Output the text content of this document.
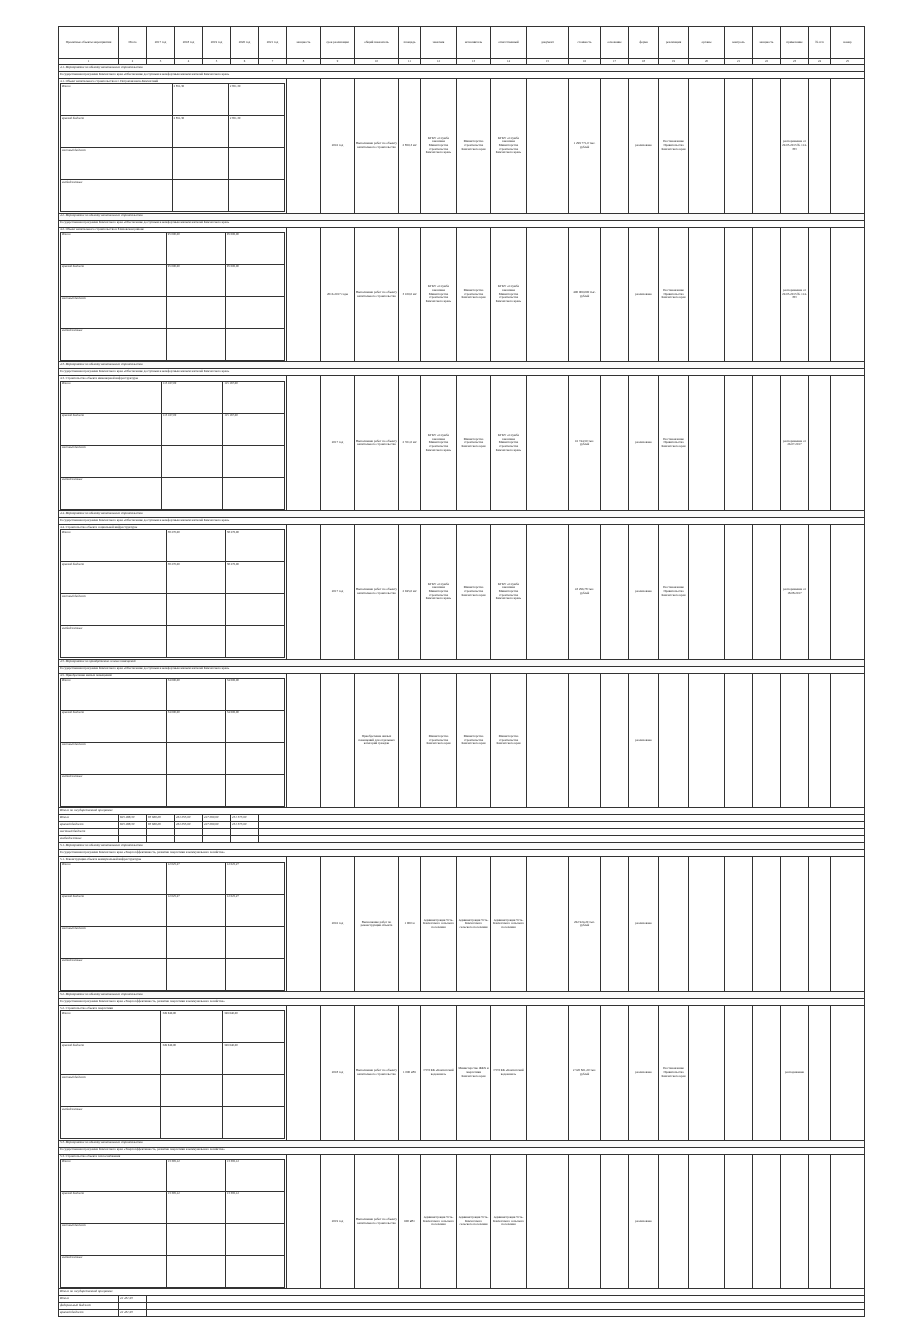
Проектные объекты мероприятия	Итого	2017 год	2018 год	2019 год	2020 год	2021 год	мощность	срок реализации	общий показатель	площадь	заказчик	исполнитель	ответственный	документ	стоимость	основание	форма	реализация	органы	контроль	мощность	примечание	№ п/п	номер
1	2	3	4	5	6	7	8	9	10	11	12	13	14	15	16	17	18	19	20	21	22	23	24	25
4.1. Мероприятие по объекту капитального строительства
Государственная программа Камчатского края «Обеспечение доступным и комфортным жильём жителей Камчатского края»

4.1. Объект капитального строительства в г. Петропавловск-Камчатский
Итого	2 851,30	2 851,30
краевой бюджет	2 851,30	2 851,30
местный бюджет		
внебюджетные		
		2016 год	Выполнение работ по объекту капитального строительства	2 850,3 м2	КГКУ «Служба заказчика Министерства строительства Камчатского края»	Министерство строительства Камчатского края	КГКУ «Служба заказчика Министерства строительства Камчатского края»		1 299 771,0 тыс. рублей		реализовано	Постановление Правительства Камчатского края				распоряжение от 29.05.2013 № 114-РП		
4.2. Мероприятие по объекту капитального строительства
Государственная программа Камчатского края «Обеспечение доступным и комфортным жильём жителей Камчатского края»

4.2. Объект капитального строительства в Елизовском районе
Итого	95 000,00	95 000,00
краевой бюджет	95 000,00	95 000,00
местный бюджет		
внебюджетные		
		2016-2017 годы	Выполнение работ по объекту капитального строительства	3 100,0 м2	КГКУ «Служба заказчика Министерства строительства Камчатского края»	Министерство строительства Камчатского края	КГКУ «Служба заказчика Министерства строительства Камчатского края»		400 000,000 тыс. рублей		реализовано	Постановление Правительства Камчатского края				распоряжение от 29.05.2013 № 114-РП		
4.3. Мероприятие по объекту капитального строительства
Государственная программа Камчатского края «Обеспечение доступным и комфортным жильём жителей Камчатского края»

4.3. Строительство объекта инженерной инфраструктуры
Итого	115 167,00	115 167,00
краевой бюджет	115 167,00	115 167,00
местный бюджет		
внебюджетные		
		2017 год	Выполнение работ по объекту капитального строительства	2 351,0 м2	КГКУ «Служба заказчика Министерства строительства Камчатского края»	Министерство строительства Камчатского края	КГКУ «Служба заказчика Министерства строительства Камчатского края»		16 744,50 тыс. рублей		реализовано	Постановление Правительства Камчатского края				распоряжение от 26.07.2017		
4.4. Мероприятие по объекту капитального строительства
Государственная программа Камчатского края «Обеспечение доступным и комфортным жильём жителей Камчатского края»

4.4. Строительство объекта социальной инфраструктуры
Итого	38 270,00	38 270,00
краевой бюджет	38 270,00	38 270,00
местный бюджет		
внебюджетные		
		2017 год	Выполнение работ по объекту капитального строительства	2 945,0 м2	КГКУ «Служба заказчика Министерства строительства Камчатского края»	Министерство строительства Камчатского края	КГКУ «Служба заказчика Министерства строительства Камчатского края»		43 296,78 тыс. рублей		реализовано	Постановление Правительства Камчатского края				распоряжение от 18.08.2017		
4.5. Мероприятие по приобретению жилых помещений
Государственная программа Камчатского края «Обеспечение доступным и комфортным жильём жителей Камчатского края»

4.5. Приобретение жилых помещений
Итого	34 000,00	34 000,00
краевой бюджет	34 000,00	34 000,00
местный бюджет		
внебюджетные		
			Приобретение жилых помещений для отдельных категорий граждан		Министерство строительства Камчатского края	Министерство строительства Камчатского края	Министерство строительства Камчатского края				реализовано							
Итого по государственной программе
Итого	825 288,30	85 660,00	261 055,00	227 000,00	251 573,00	
краевой бюджет	825 288,30	85 660,00	261 055,00	227 000,00	251 573,00	
местный бюджет						
внебюджетные						
5.1. Мероприятие по объекту капитального строительства
Государственная программа Камчатского края «Энергоэффективность, развитие энергетики и коммунального хозяйства»

5.1. Реконструкция объекта коммунальной инфраструктуры
Итого	12 025,27	12 025,27
краевой бюджет	12 025,27	12 025,27
местный бюджет		
внебюджетные		
		2016 год	Выполнение работ по реконструкции объекта	1 900 м	Администрация Усть-Камчатского сельского поселения	Администрация Усть-Камчатского сельского поселения	Администрация Усть-Камчатского сельского поселения		262 924,20 тыс. рублей		реализовано							
5.2. Мероприятие по объекту капитального строительства
Государственная программа Камчатского края «Энергоэффективность, развитие энергетики и коммунального хозяйства»

5.2. Строительство объекта энергетики
Итого	349 640,00	349 640,00
краевой бюджет	349 640,00	349 640,00
местный бюджет		
внебюджетные		
		2018 год	Выполнение работ по объекту капитального строительства	1 000 кВт	ГУП КК «Камчатский водоканал»	Министерство ЖКХ и энергетики Камчатского края	ГУП КК «Камчатский водоканал»		2 520 821,20 тыс. рублей		реализовано	Постановление Правительства Камчатского края				распоряжение		
5.3. Мероприятие по объекту капитального строительства
Государственная программа Камчатского края «Энергоэффективность, развитие энергетики и коммунального хозяйства»

5.3. Строительство объекта теплоснабжения
Итого	13 395,12	13 395,12
краевой бюджет	13 395,12	13 395,12
местный бюджет		
внебюджетные		
		2019 год	Выполнение работ по объекту капитального строительства	600 кВт	Администрация Усть-Камчатского сельского поселения	Администрация Усть-Камчатского сельского поселения	Администрация Усть-Камчатского сельского поселения				реализовано							
Итого по государственной программе
Итого	22 431,93	
федеральный бюджет		
краевой бюджет	22 431,93	
